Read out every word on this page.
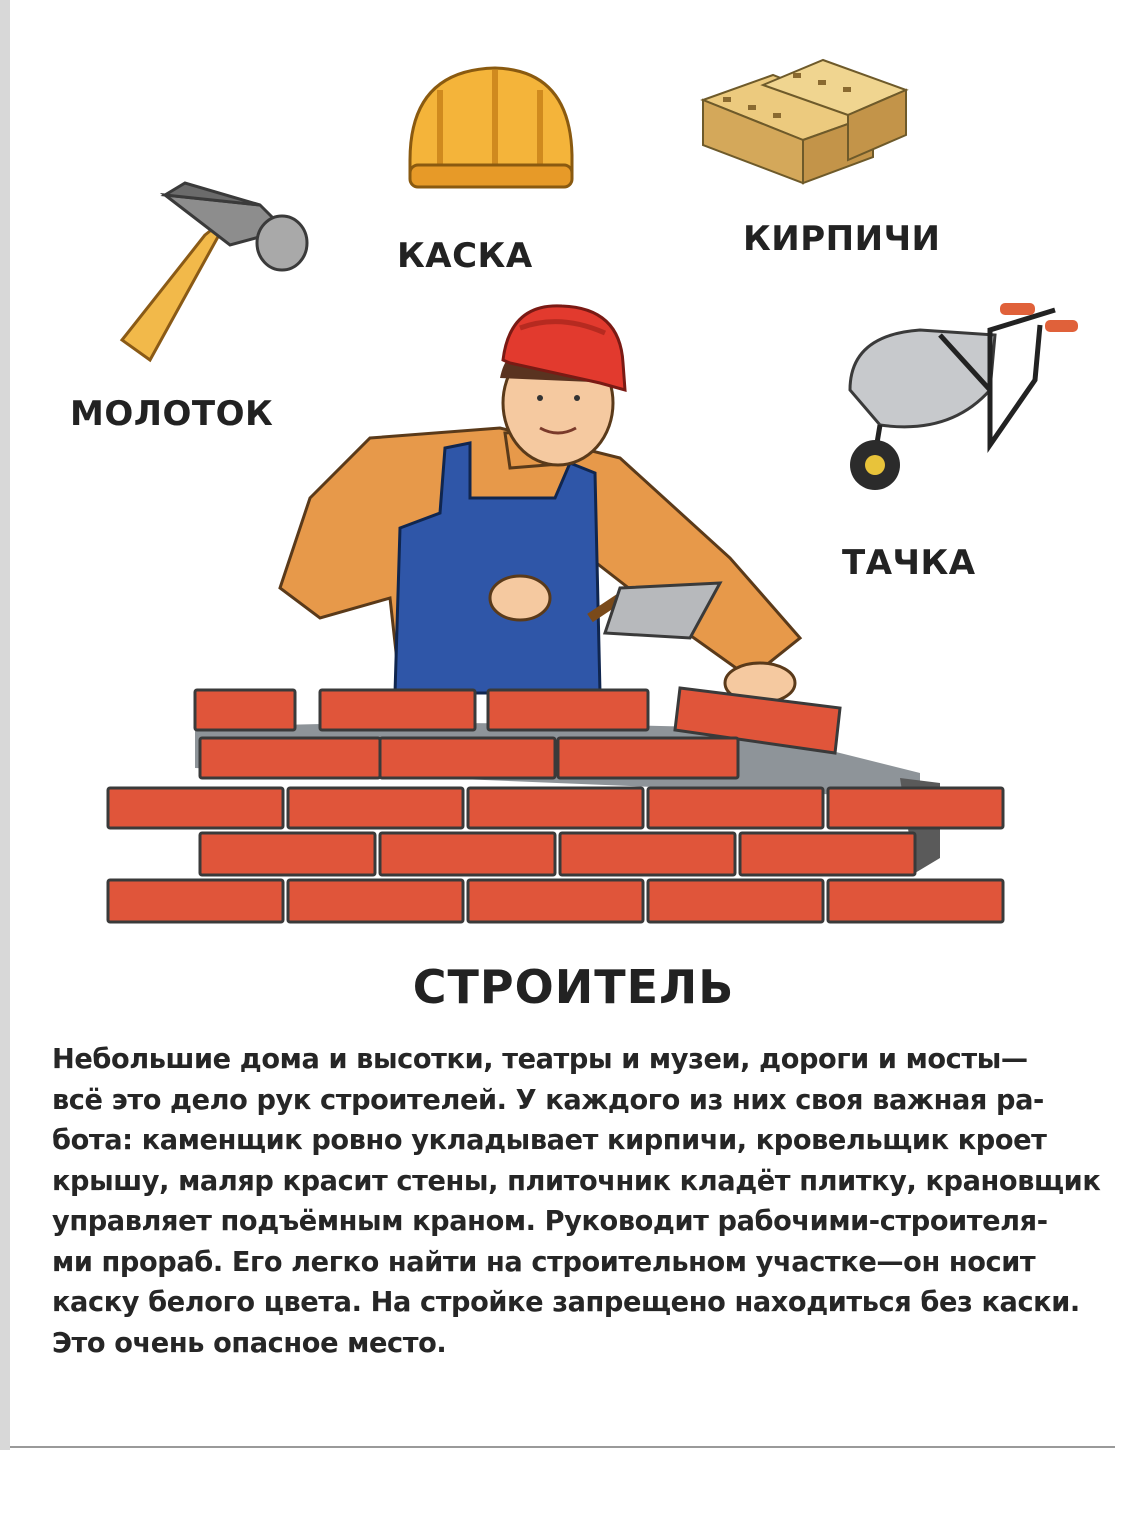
МОЛОТОК
КАСКА	КИРПИЧИ
ТАЧКА
СТРОИТЕЛЬ
Небольшие дома и высотки, театры и музеи, дороги и мосты—
всё это дело рук строителей. У каждого из них своя важная ра-
бота: каменщик ровно укладывает кирпичи, кровельщик кроет
крышу, маляр красит стены, плиточник кладёт плитку, крановщик
управляет подъёмным краном. Руководит рабочими-строителя-
ми прораб. Его легко найти на строительном участке—он носит
каску белого цвета. На стройке запрещено находиться без каски.
Это очень опасное место.
